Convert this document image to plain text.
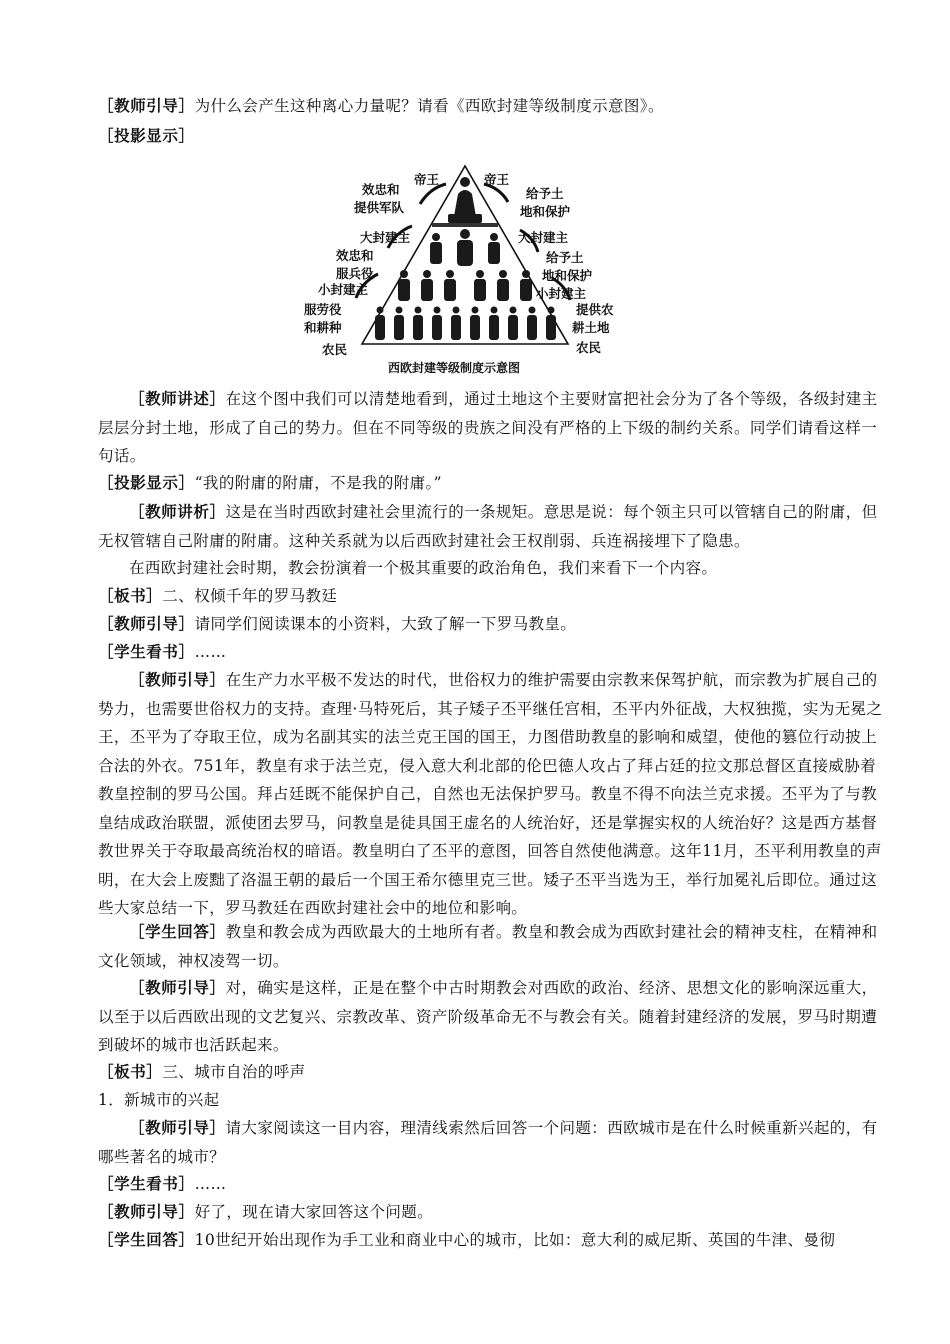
［教师引导］为什么会产生这种离心力量呢？请看《西欧封建等级制度示意图》。

［投影显示］

效忠和
提供军队
帝王	帝王
给予土
地和保护
大封建主	大封建主
效忠和
服兵役
给予土
地和保护
小封建主	小封建主
服劳役
和耕种
提供农
耕土地
农民	农民
西欧封建等级制度示意图

［教师讲述］在这个图中我们可以清楚地看到，通过土地这个主要财富把社会分为了各个等级，各级封建主层层分封土地，形成了自己的势力。但在不同等级的贵族之间没有严格的上下级的制约关系。同学们请看这样一句话。

［投影显示］“我的附庸的附庸，不是我的附庸。”

［教师讲析］这是在当时西欧封建社会里流行的一条规矩。意思是说：每个领主只可以管辖自己的附庸，但无权管辖自己附庸的附庸。这种关系就为以后西欧封建社会王权削弱、兵连祸接埋下了隐患。

在西欧封建社会时期，教会扮演着一个极其重要的政治角色，我们来看下一个内容。

［板书］二、权倾千年的罗马教廷

［教师引导］请同学们阅读课本的小资料，大致了解一下罗马教皇。

［学生看书］……

［教师引导］在生产力水平极不发达的时代，世俗权力的维护需要由宗教来保驾护航，而宗教为扩展自己的势力，也需要世俗权力的支持。查理·马特死后，其子矮子丕平继任宫相，丕平内外征战，大权独揽，实为无冕之王，丕平为了夺取王位，成为名副其实的法兰克王国的国王，力图借助教皇的影响和威望，使他的篡位行动披上合法的外衣。751年，教皇有求于法兰克，侵入意大利北部的伦巴德人攻占了拜占廷的拉文那总督区直接威胁着教皇控制的罗马公国。拜占廷既不能保护自己，自然也无法保护罗马。教皇不得不向法兰克求援。丕平为了与教皇结成政治联盟，派使团去罗马，问教皇是徒具国王虚名的人统治好，还是掌握实权的人统治好？这是西方基督教世界关于夺取最高统治权的暗语。教皇明白了丕平的意图，回答自然使他满意。这年11月，丕平利用教皇的声明，在大会上废黜了洛温王朝的最后一个国王希尔德里克三世。矮子丕平当选为王，举行加冕礼后即位。通过这些大家总结一下，罗马教廷在西欧封建社会中的地位和影响。

［学生回答］教皇和教会成为西欧最大的土地所有者。教皇和教会成为西欧封建社会的精神支柱，在精神和文化领域，神权凌驾一切。

［教师引导］对，确实是这样，正是在整个中古时期教会对西欧的政治、经济、思想文化的影响深远重大，以至于以后西欧出现的文艺复兴、宗教改革、资产阶级革命无不与教会有关。随着封建经济的发展，罗马时期遭到破坏的城市也活跃起来。

［板书］三、城市自治的呼声

1．新城市的兴起

［教师引导］请大家阅读这一目内容，理清线索然后回答一个问题：西欧城市是在什么时候重新兴起的，有哪些著名的城市？

［学生看书］……

［教师引导］好了，现在请大家回答这个问题。

［学生回答］10世纪开始出现作为手工业和商业中心的城市，比如：意大利的威尼斯、英国的牛津、曼彻
